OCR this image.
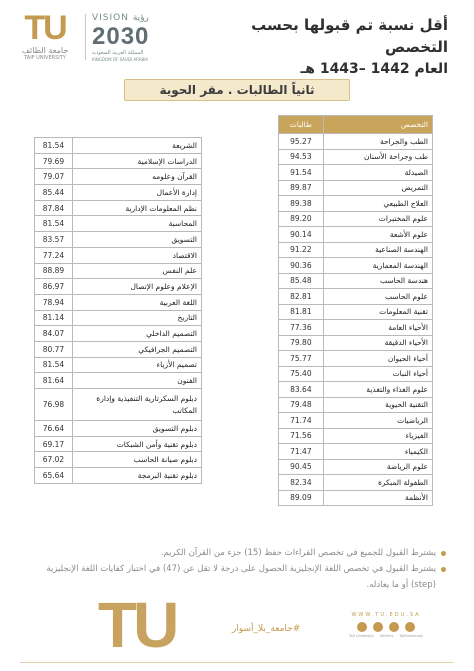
TU
جامعة الطائف
TAIF UNIVERSITY
VISION رؤية
2030
المملكة العربية السعودية
KINGDOM OF SAUDI ARABIA
أقل نسبة تم قبولها بحسب التخصص
العام 1442 –1443 هـ
ثانياً الطالبات . مقر الحوية
التخصص	طالبات
الطب والجراحة	95.27
طب وجراحة الأسنان	94.53
الصيدلة	91.54
التمريض	89.87
العلاج الطبيعي	89.38
علوم المختبرات	89.20
علوم الأشعة	90.14
الهندسة الصناعية	91.22
الهندسة المعمارية	90.36
هندسة الحاسب	85.48
علوم الحاسب	82.81
تقنية المعلومات	81.81
الأحياء العامة	77.36
الأحياء الدقيقة	79.80
أحياء الحيوان	75.77
أحياء النبات	75.40
علوم الغذاء والتغذية	83.64
التقنية الحيوية	79.48
الرياضيات	71.74
الفيزياء	71.56
الكيمياء	71.47
علوم الرياضة	90.45
الطفولة المبكرة	82.34
الأنظمة	89.09
الشريعة	81.54
الدراسات الإسلامية	79.69
القرآن وعلومه	79.07
إدارة الأعمال	85.44
نظم المعلومات الإدارية	87.84
المحاسبة	81.54
التسويق	83.57
الاقتصاد	77.24
علم النفس	88.89
الإعلام وعلوم الإتصال	86.97
اللغة العربية	78.94
التاريخ	81.14
التصميم الداخلي	84.07
التصميم الجرافيكي	80.77
تصميم الأزياء	81.54
الفنون	81.64
دبلوم السكرتارية التنفيذية وإدارة المكاتب	76.98
دبلوم التسويق	76.64
دبلوم تقنية وأمن الشبكات	69.17
دبلوم صيانة الحاسب	67.02
دبلوم تقنية البرمجة	65.64
يشترط القبول للجميع في تخصص القراءات حفظ (15) جزء من القرآن الكريم.
يشترط القبول في تخصص اللغة الإنجليزية الحصول على درجة لا تقل عن (47) في اختبار كفايات اللغة الإنجليزية (step) أو ما يعادله.
TU	#جامعة_بلا_أسوار
WWW.TU.EDU.SA
Taif University TaifUniv TaifUniversity
